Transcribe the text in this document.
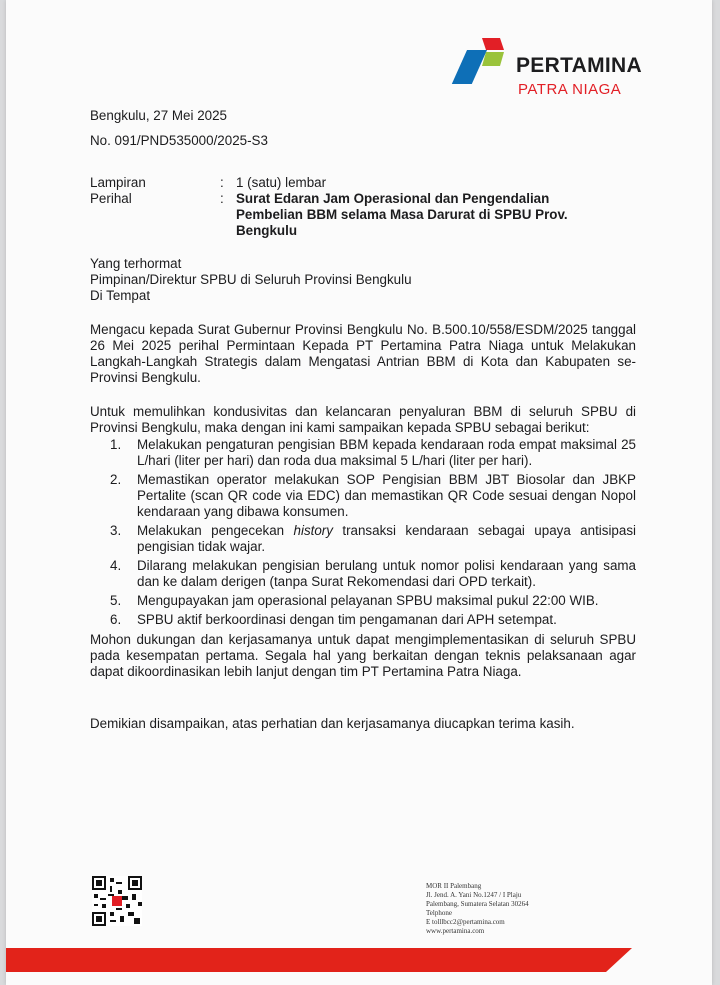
PERTAMINA
PATRA NIAGA
Bengkulu, 27 Mei 2025
No. 091/PND535000/2025-S3
Lampiran	: 1 (satu) lembar
Perihal	: Surat Edaran Jam Operasional dan Pengendalian
Pembelian BBM selama Masa Darurat di SPBU Prov.
Bengkulu
Yang terhormat
Pimpinan/Direktur SPBU di Seluruh Provinsi Bengkulu
Di Tempat
Mengacu kepada Surat Gubernur Provinsi Bengkulu No. B.500.10/558/ESDM/2025 tanggal 26 Mei 2025 perihal Permintaan Kepada PT Pertamina Patra Niaga untuk Melakukan Langkah-Langkah Strategis dalam Mengatasi Antrian BBM di Kota dan Kabupaten se-Provinsi Bengkulu.
Untuk memulihkan kondusivitas dan kelancaran penyaluran BBM di seluruh SPBU di Provinsi Bengkulu, maka dengan ini kami sampaikan kepada SPBU sebagai berikut:
1.	Melakukan pengaturan pengisian BBM kepada kendaraan roda empat maksimal 25 L/hari (liter per hari) dan roda dua maksimal 5 L/hari (liter per hari).
2.	Memastikan operator melakukan SOP Pengisian BBM JBT Biosolar dan JBKP Pertalite (scan QR code via EDC) dan memastikan QR Code sesuai dengan Nopol kendaraan yang dibawa konsumen.
3.	Melakukan pengecekan history transaksi kendaraan sebagai upaya antisipasi pengisian tidak wajar.
4.	Dilarang melakukan pengisian berulang untuk nomor polisi kendaraan yang sama dan ke dalam derigen (tanpa Surat Rekomendasi dari OPD terkait).
5.	Mengupayakan jam operasional pelayanan SPBU maksimal pukul 22:00 WIB.
6.	SPBU aktif berkoordinasi dengan tim pengamanan dari APH setempat.
Mohon dukungan dan kerjasamanya untuk dapat mengimplementasikan di seluruh SPBU pada kesempatan pertama. Segala hal yang berkaitan dengan teknis pelaksanaan agar dapat dikoordinasikan lebih lanjut dengan tim PT Pertamina Patra Niaga.
Demikian disampaikan, atas perhatian dan kerjasamanya diucapkan terima kasih.
MOR II Palembang
Jl. Jend. A. Yani No.1247 / I Plaju
Palembang, Sumatera Selatan 30264
Telphone
E tolllbcc2@pertamina.com
www.pertamina.com
